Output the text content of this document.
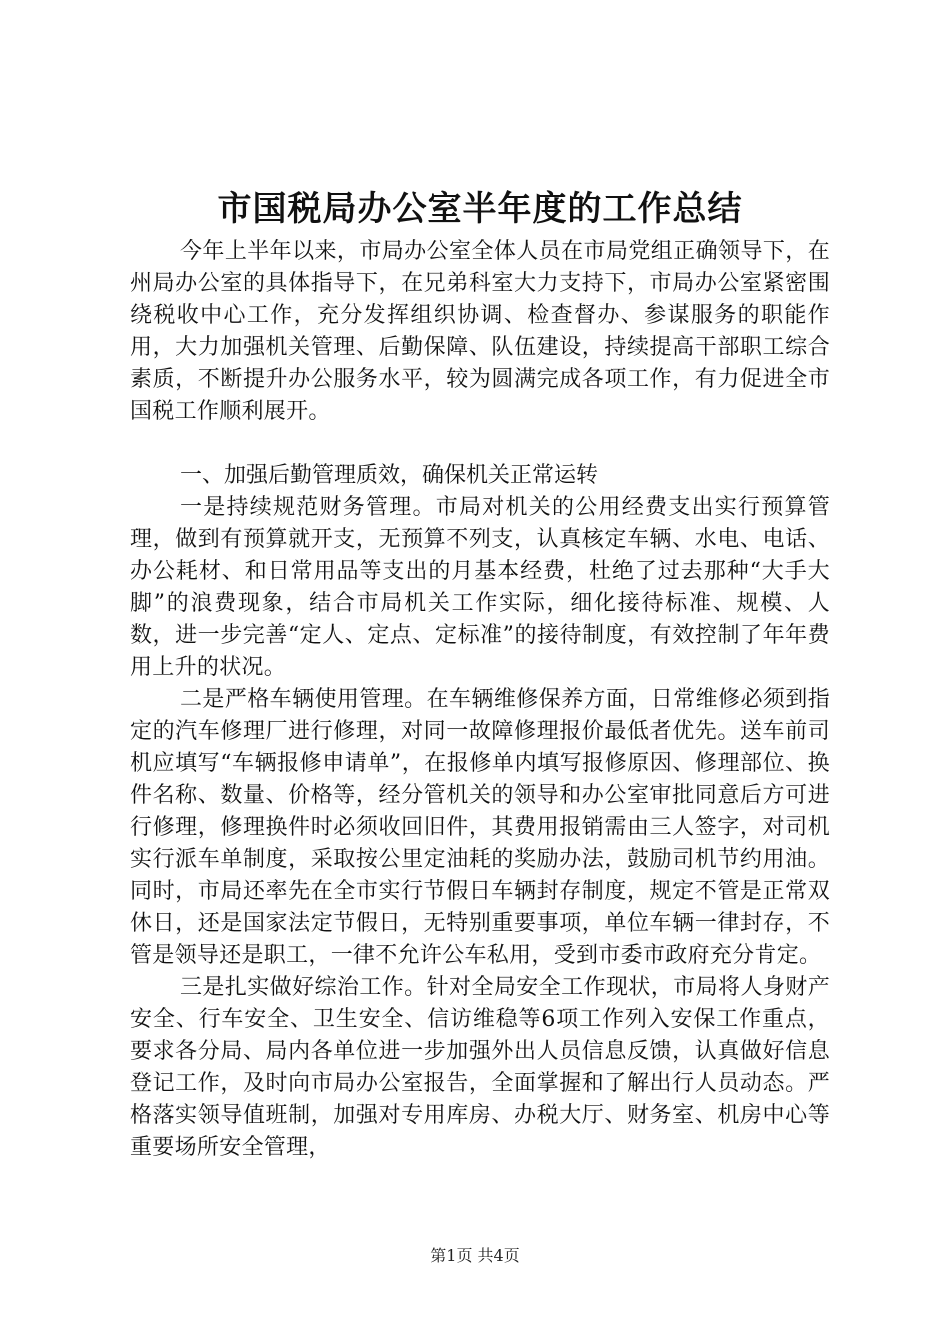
市国税局办公室半年度的工作总结

今年上半年以来，市局办公室全体人员在市局党组正确领导下，在州局办公室的具体指导下，在兄弟科室大力支持下，市局办公室紧密围绕税收中心工作，充分发挥组织协调、检查督办、参谋服务的职能作用，大力加强机关管理、后勤保障、队伍建设，持续提高干部职工综合素质，不断提升办公服务水平，较为圆满完成各项工作，有力促进全市国税工作顺利展开。

一、加强后勤管理质效，确保机关正常运转

一是持续规范财务管理。市局对机关的公用经费支出实行预算管理，做到有预算就开支，无预算不列支，认真核定车辆、水电、电话、办公耗材、和日常用品等支出的月基本经费，杜绝了过去那种“大手大脚”的浪费现象，结合市局机关工作实际，细化接待标准、规模、人数，进一步完善“定人、定点、定标准”的接待制度，有效控制了年年费用上升的状况。

二是严格车辆使用管理。在车辆维修保养方面，日常维修必须到指定的汽车修理厂进行修理，对同一故障修理报价最低者优先。送车前司机应填写“车辆报修申请单”，在报修单内填写报修原因、修理部位、换件名称、数量、价格等，经分管机关的领导和办公室审批同意后方可进行修理，修理换件时必须收回旧件，其费用报销需由三人签字，对司机实行派车单制度，采取按公里定油耗的奖励办法，鼓励司机节约用油。同时，市局还率先在全市实行节假日车辆封存制度，规定不管是正常双休日，还是国家法定节假日，无特别重要事项，单位车辆一律封存，不管是领导还是职工，一律不允许公车私用，受到市委市政府充分肯定。

三是扎实做好综治工作。针对全局安全工作现状，市局将人身财产安全、行车安全、卫生安全、信访维稳等6项工作列入安保工作重点，要求各分局、局内各单位进一步加强外出人员信息反馈，认真做好信息登记工作，及时向市局办公室报告，全面掌握和了解出行人员动态。严格落实领导值班制，加强对专用库房、办税大厅、财务室、机房中心等重要场所安全管理，

第1页 共4页
